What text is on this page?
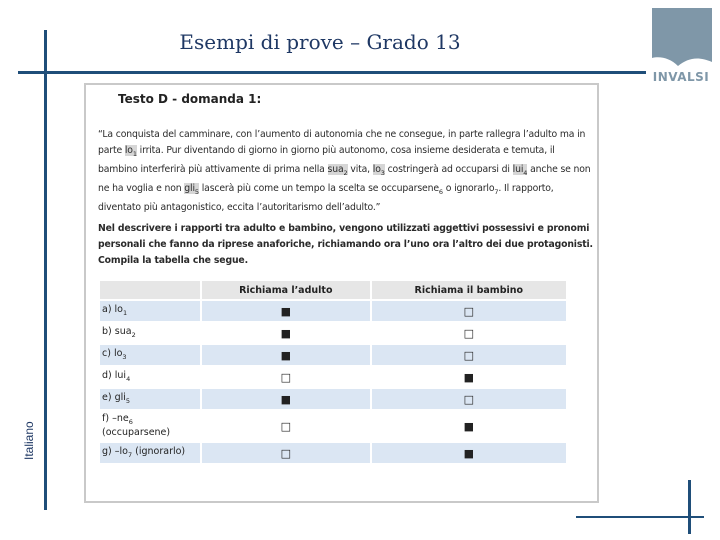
Esempi di prove – Grado 13
Italiano
INVALSI
Testo D - domanda 1:
“La conquista del camminare, con l’aumento di autonomia che ne consegue, in parte rallegra l’adulto ma in parte $lo_1$ irrita. Pur diventando di giorno in giorno più autonomo, cosa insieme desiderata e temuta, il bambino interferirà più attivamente di prima nella sua$_2$ vita, $lo_3$ costringerà ad occuparsi di lui$_4$ anche se non ne ha voglia e non gli$_5$ lascerà più come un tempo la scelta se occuparsene$_6$ o ignorarlo$_7$. Il rapporto, diventato più antagonistico, eccita l’autoritarismo dell’adulto.”
Nel descrivere i rapporti tra adulto e bambino, vengono utilizzati aggettivi possessivi e pronomi personali che fanno da riprese anaforiche, richiamando ora l’uno ora l’altro dei due protagonisti. Compila la tabella che segue.
	Richiama l’adulto	Richiama il bambino
a) $lo_1$	■	□
b) sua$_2$	■	□
c) $lo_3$	■	□
d) lui$_4$	□	■
e) gli$_5$	■	□
f) $-ne_6$
(occuparsene)	□	■
g) $-lo_7$ (ignorarlo)	□	■
